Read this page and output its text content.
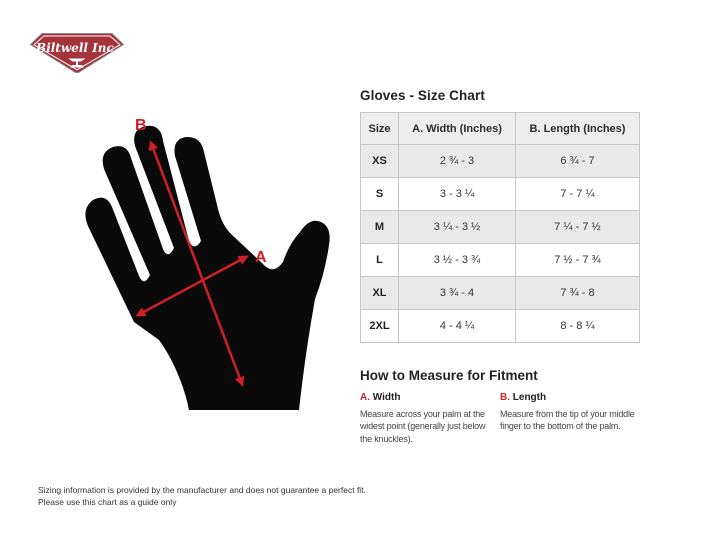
Biltwell Inc.
"QUALITY"	"COUNTS"
B
A
Gloves - Size Chart
Size	A. Width (Inches)	B. Length (Inches)
XS	2 ¾ - 3	6 ¾ - 7
S	3 - 3 ¼	7 - 7 ¼
M	3 ¼ - 3 ½	7 ¼ - 7 ½
L	3 ½ - 3 ¾	7 ½ - 7 ¾
XL	3 ¾ - 4	7 ¾ - 8
2XL	4 - 4 ¼	8 - 8 ¼
How to Measure for Fitment
A. Width
Measure across your palm at the widest point (generally just below the knuckles).
B. Length
Measure from the tip of your middle finger to the bottom of the palm.
Sizing information is provided by the manufacturer and does not guarantee a perfect fit.
Please use this chart as a guide only
